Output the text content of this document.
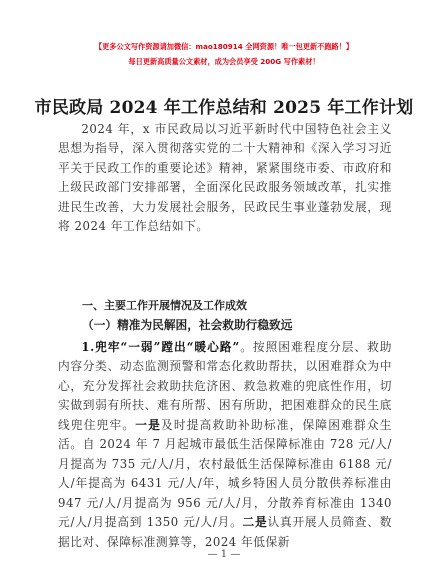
【更多公文写作资源请加微信：mao180914 全网资源！唯一包更新不跑路！】
每日更新高质量公文素材，成为会员享受 200G 写作素材！
市民政局 2024 年工作总结和 2025 年工作计划

2024 年，x 市民政局以习近平新时代中国特色社会主义思想为指导，深入贯彻落实党的二十大精神和《深入学习习近平关于民政工作的重要论述》精神，紧紧围绕市委、市政府和上级民政部门安排部署，全面深化民政服务领域改革，扎实推进民生改善，大力发展社会服务，民政民生事业蓬勃发展，现将 2024 年工作总结如下。

一、主要工作开展情况及工作成效
（一）精准为民解困，社会救助行稳致远

1.兜牢“一弱”蹚出“暖心路”。按照困难程度分层、救助内容分类、动态监测预警和常态化救助帮扶，以困难群众为中心，充分发挥社会救助扶危济困、救急救难的兜底性作用，切实做到弱有所扶、难有所帮、困有所助，把困难群众的民生底线兜住兜牢。一是及时提高救助补助标准，保障困难群众生活。自 2024 年 7 月起城市最低生活保障标准由 728 元/人/月提高为 735 元/人/月，农村最低生活保障标准由 6188 元/人/年提高为 6431 元/人/年，城乡特困人员分散供养标准由 947 元/人/月提高为 956 元/人/月，分散养育标准由 1340 元/人/月提高到 1350 元/人/月。二是认真开展人员筛查、数据比对、保障标准测算等，2024 年低保新

— 1 —
